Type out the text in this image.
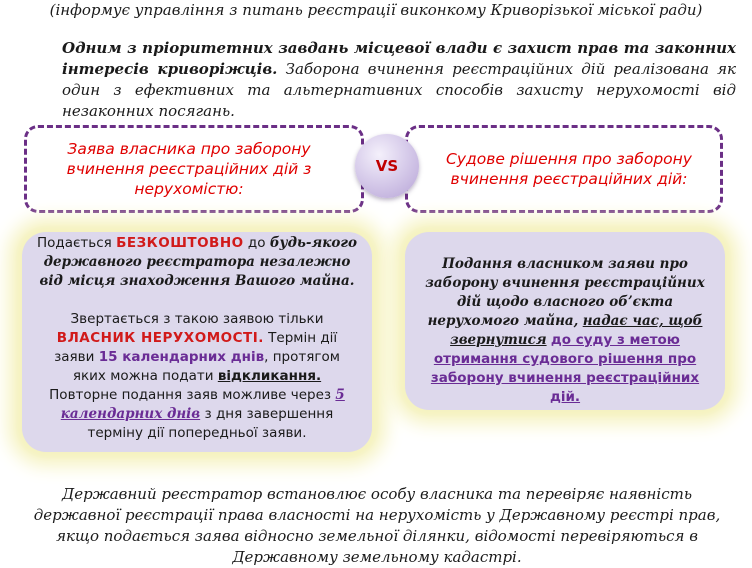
(інформує управління з питань реєстрації виконкому Криворізької міської ради)
Одним з пріоритетних завдань місцевої влади є захист прав та законних інтересів криворіжців. Заборона вчинення реєстраційних дій реалізована як один з ефективних та альтернативних способів захисту нерухомості від незаконних посягань.
Заява власника про заборону вчинення реєстраційних дій з нерухомістю:
Судове рішення про заборону вчинення реєстраційних дій:
VS
Подається БЕЗКОШТОВНО до будь-якого державного реєстратора незалежно від місця знаходження Вашого майна.
Звертається з такою заявою тільки ВЛАСНИК НЕРУХОМОСТІ. Термін дії заяви 15 календарних днів, протягом яких можна подати відкликання. Повторне подання заяв можливе через 5 календарних днів з дня завершення терміну дії попередньої заяви.
Подання власником заяви про заборону вчинення реєстраційних дій щодо власного об’єкта нерухомого майна, надає час, щоб звернутися до суду з метою отримання судового рішення про заборону вчинення реєстраційних дій.
Державний реєстратор встановлює особу власника та перевіряє наявність державної реєстрації права власності на нерухомість у Державному реєстрі прав, якщо подається заява відносно земельної ділянки, відомості перевіряються в Державному земельному кадастрі.
